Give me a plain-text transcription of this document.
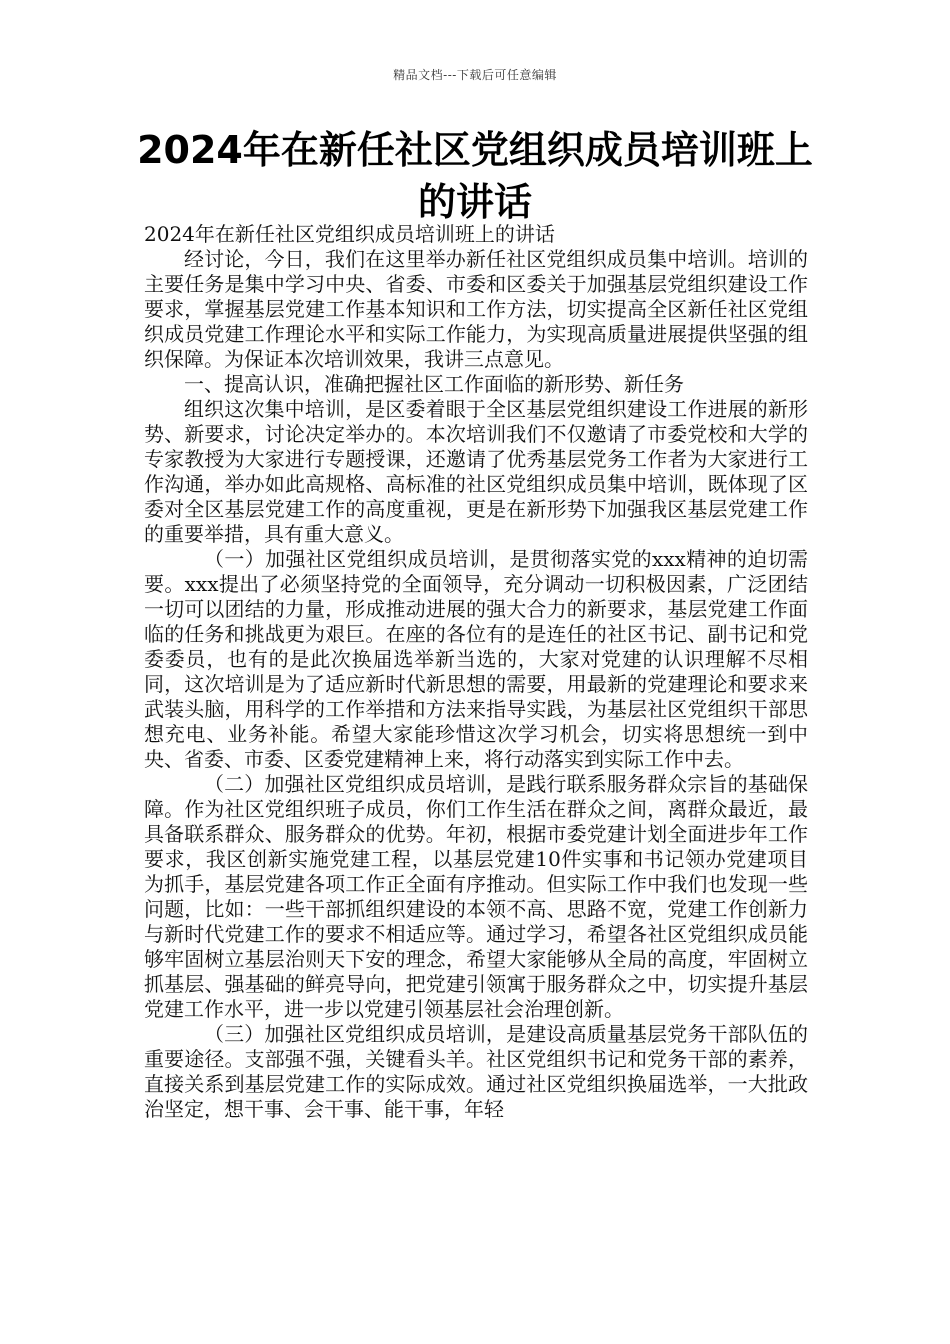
精品文档---下载后可任意编辑
2024年在新任社区党组织成员培训班上的讲话

2024年在新任社区党组织成员培训班上的讲话

经讨论，今日，我们在这里举办新任社区党组织成员集中培训。培训的主要任务是集中学习中央、省委、市委和区委关于加强基层党组织建设工作要求，掌握基层党建工作基本知识和工作方法，切实提高全区新任社区党组织成员党建工作理论水平和实际工作能力，为实现高质量进展提供坚强的组织保障。为保证本次培训效果，我讲三点意见。

一、提高认识，准确把握社区工作面临的新形势、新任务

组织这次集中培训，是区委着眼于全区基层党组织建设工作进展的新形势、新要求，讨论决定举办的。本次培训我们不仅邀请了市委党校和大学的专家教授为大家进行专题授课，还邀请了优秀基层党务工作者为大家进行工作沟通，举办如此高规格、高标准的社区党组织成员集中培训，既体现了区委对全区基层党建工作的高度重视，更是在新形势下加强我区基层党建工作的重要举措，具有重大意义。

（一）加强社区党组织成员培训，是贯彻落实党的xxx精神的迫切需要。xxx提出了必须坚持党的全面领导，充分调动一切积极因素，广泛团结一切可以团结的力量，形成推动进展的强大合力的新要求，基层党建工作面临的任务和挑战更为艰巨。在座的各位有的是连任的社区书记、副书记和党委委员，也有的是此次换届选举新当选的，大家对党建的认识理解不尽相同，这次培训是为了适应新时代新思想的需要，用最新的党建理论和要求来武装头脑，用科学的工作举措和方法来指导实践，为基层社区党组织干部思想充电、业务补能。希望大家能珍惜这次学习机会，切实将思想统一到中央、省委、市委、区委党建精神上来，将行动落实到实际工作中去。

（二）加强社区党组织成员培训，是践行联系服务群众宗旨的基础保障。作为社区党组织班子成员，你们工作生活在群众之间，离群众最近，最具备联系群众、服务群众的优势。年初，根据市委党建计划全面进步年工作要求，我区创新实施党建工程，以基层党建10件实事和书记领办党建项目为抓手，基层党建各项工作正全面有序推动。但实际工作中我们也发现一些问题，比如：一些干部抓组织建设的本领不高、思路不宽，党建工作创新力与新时代党建工作的要求不相适应等。通过学习，希望各社区党组织成员能够牢固树立基层治则天下安的理念，希望大家能够从全局的高度，牢固树立抓基层、强基础的鲜亮导向，把党建引领寓于服务群众之中，切实提升基层党建工作水平，进一步以党建引领基层社会治理创新。

（三）加强社区党组织成员培训，是建设高质量基层党务干部队伍的重要途径。支部强不强，关键看头羊。社区党组织书记和党务干部的素养，直接关系到基层党建工作的实际成效。通过社区党组织换届选举，一大批政治坚定，想干事、会干事、能干事，年轻
